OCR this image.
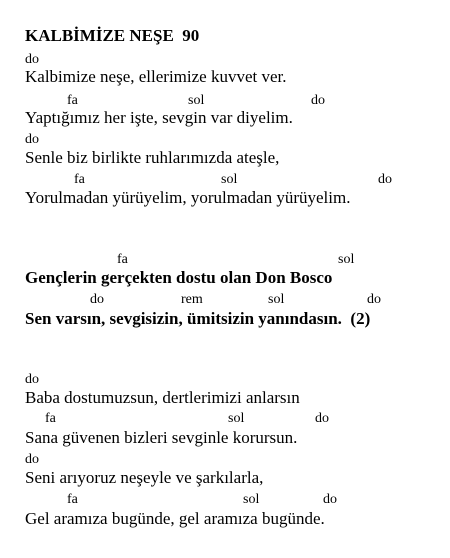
KALBİMİZE NEŞE  90
do
Kalbimize neşe, ellerimize kuvvet ver.
fa	sol	do
Yaptığımız her işte, sevgin var diyelim.
do
Senle biz birlikte ruhlarımızda ateşle,
fa	sol	do
Yorulmadan yürüyelim, yorulmadan yürüyelim.
fa	sol
Gençlerin gerçekten dostu olan Don Bosco
do	rem	sol	do
Sen varsın, sevgisizin, ümitsizin yanındasın.  (2)
do
Baba dostumuzsun, dertlerimizi anlarsın
fa	sol	do
Sana güvenen bizleri sevginle korursun.
do
Seni arıyoruz neşeyle ve şarkılarla,
fa	sol	do
Gel aramıza bugünde, gel aramıza bugünde.
